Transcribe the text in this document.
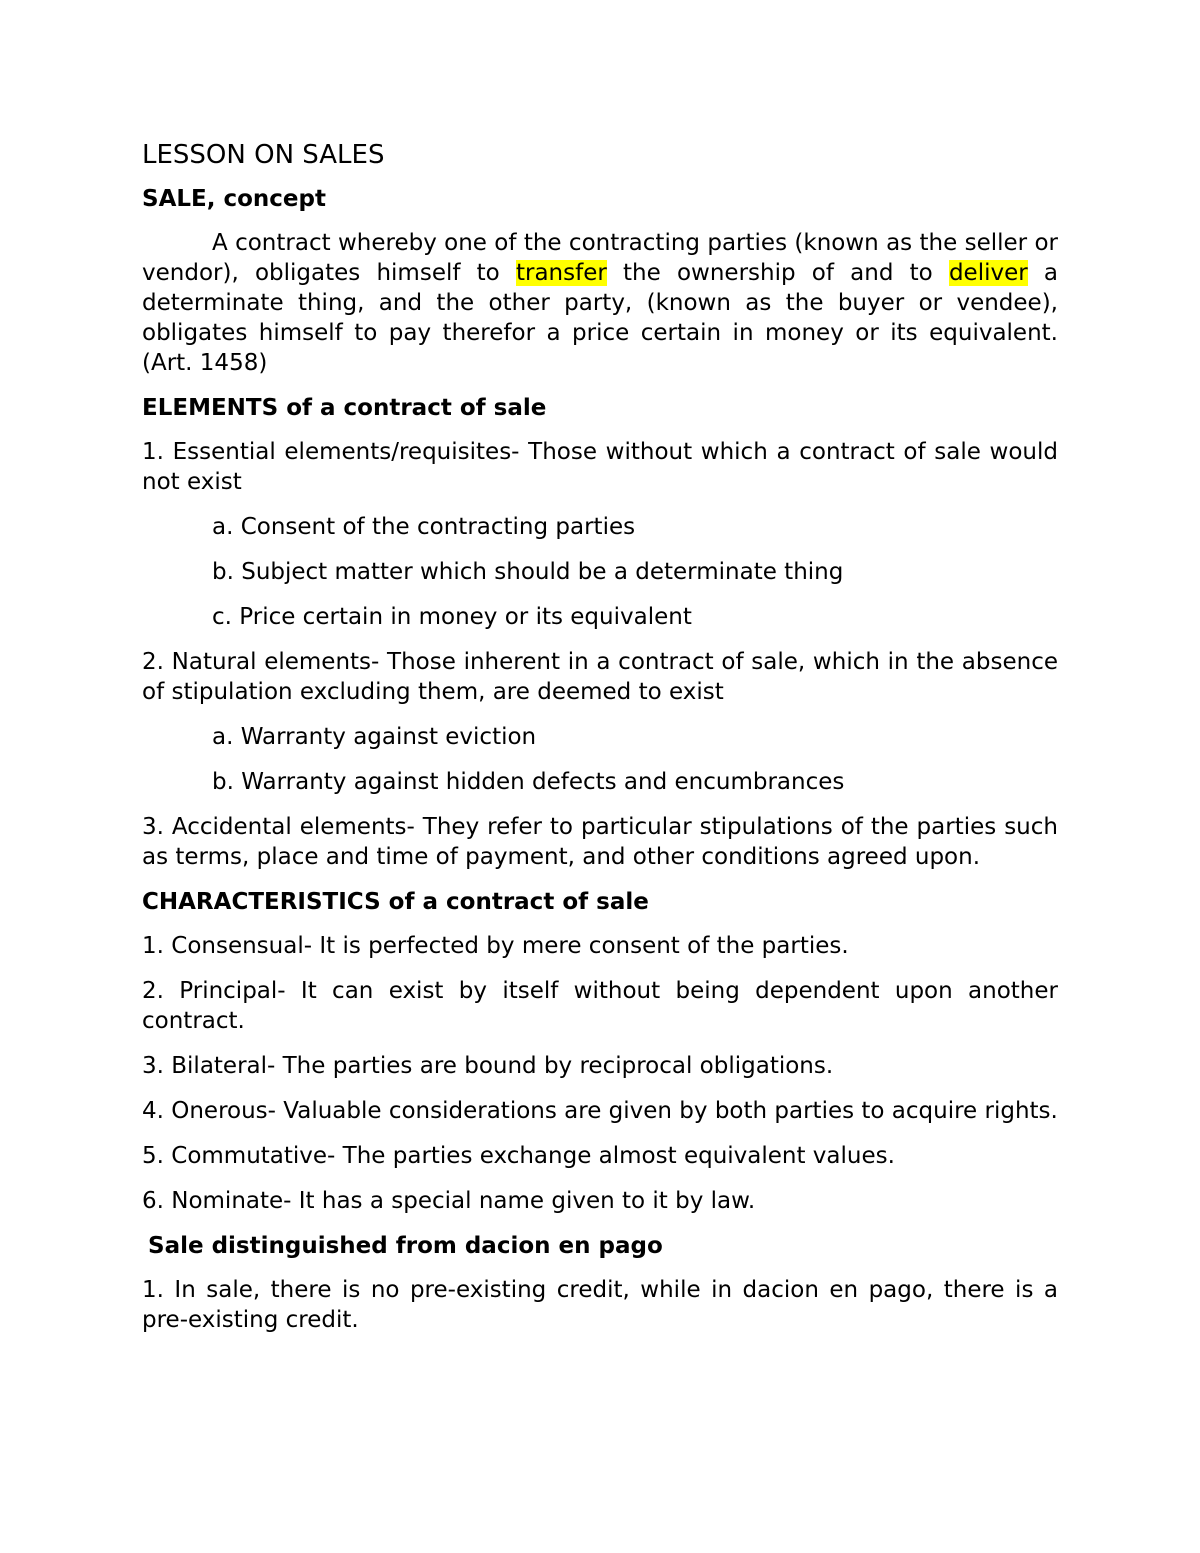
LESSON ON SALES
SALE, concept

A contract whereby one of the contracting parties (known as the seller or vendor), obligates himself to transfer the ownership of and to deliver a determinate thing, and the other party, (known as the buyer or vendee), obligates himself to pay therefor a price certain in money or its equivalent. (Art. 1458)

ELEMENTS of a contract of sale

1. Essential elements/requisites- Those without which a contract of sale would not exist

a. Consent of the contracting parties

b. Subject matter which should be a determinate thing

c. Price certain in money or its equivalent

2. Natural elements- Those inherent in a contract of sale, which in the absence of stipulation excluding them, are deemed to exist

a. Warranty against eviction

b. Warranty against hidden defects and encumbrances

3. Accidental elements- They refer to particular stipulations of the parties such as terms, place and time of payment, and other conditions agreed upon.

CHARACTERISTICS of a contract of sale

1. Consensual- It is perfected by mere consent of the parties.

2. Principal- It can exist by itself without being dependent upon another contract.

3. Bilateral- The parties are bound by reciprocal obligations.

4. Onerous- Valuable considerations are given by both parties to acquire rights.

5. Commutative- The parties exchange almost equivalent values.

6. Nominate- It has a special name given to it by law.

Sale distinguished from dacion en pago

1. In sale, there is no pre-existing credit, while in dacion en pago, there is a pre-existing credit.
